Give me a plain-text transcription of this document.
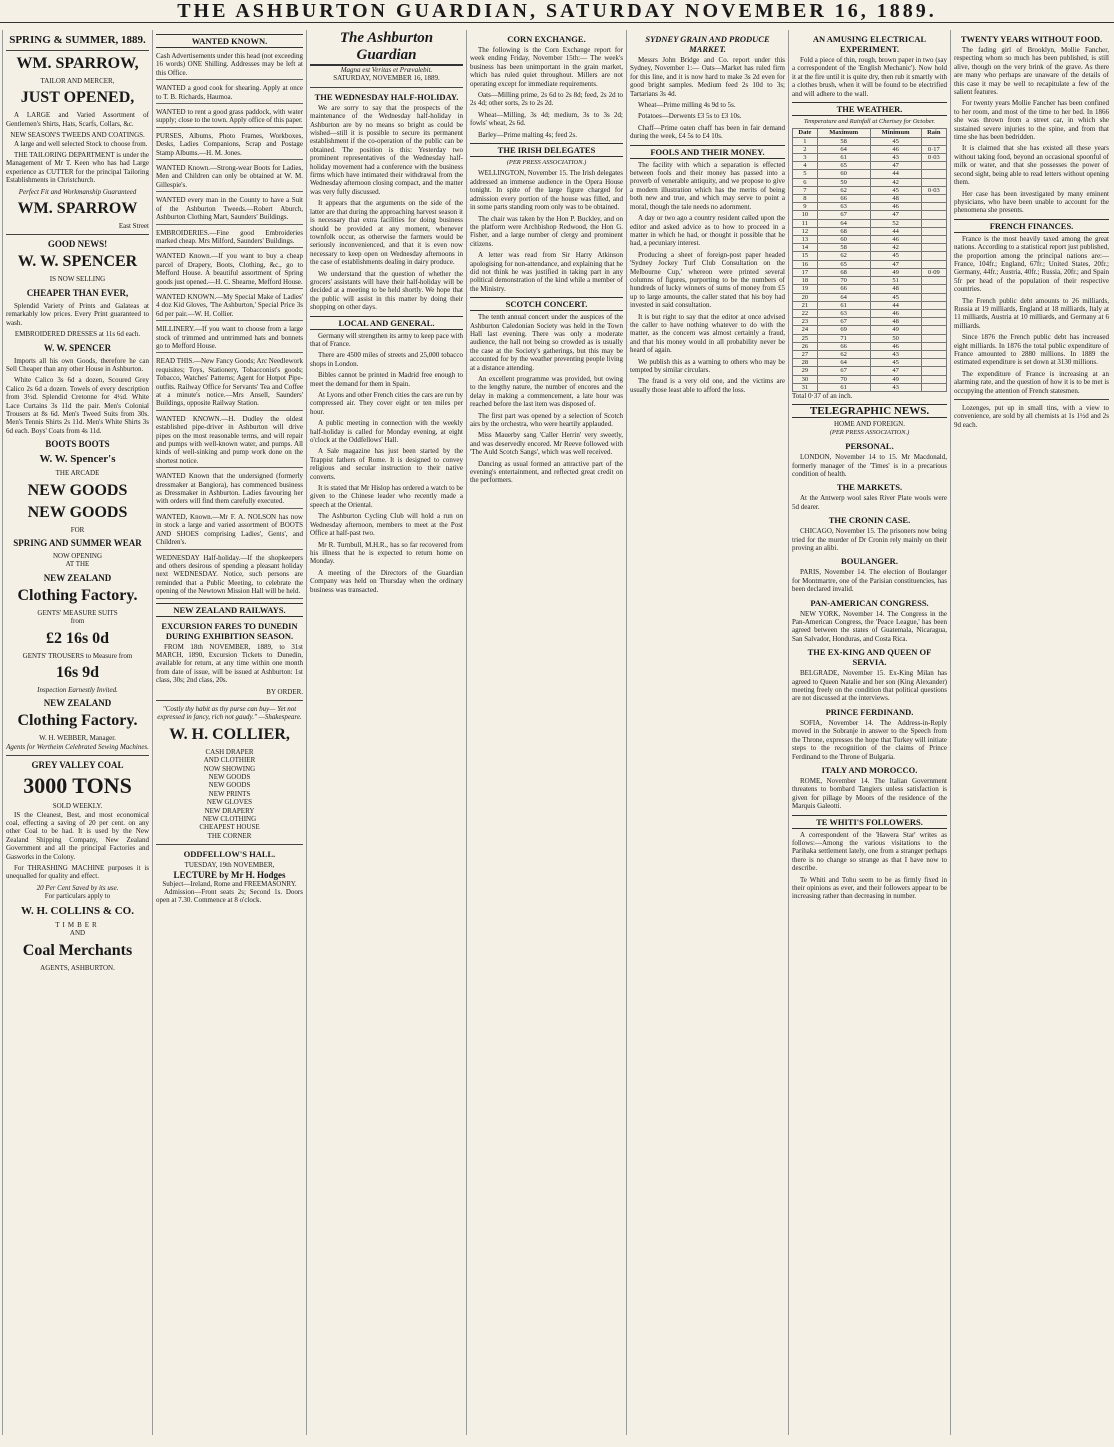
THE ASHBURTON GUARDIAN, SATURDAY NOVEMBER 16, 1889.
SPRING & SUMMER, 1889.
WM. SPARROW,
TAILOR AND MERCER,
JUST OPENED,

A LARGE and Varied Assortment of Gentlemen's Shirts, Hats, Scarfs, Collars, &c.

NEW SEASON'S TWEEDS AND COATINGS.

A large and well selected Stock to choose from.

THE TAILORING DEPARTMENT is under the Management of Mr T. Keen who has had Large experience as CUTTER for the principal Tailoring Establishments in Christchurch.

Perfect Fit and Workmanship Guaranteed
WM. SPARROW
East Street
GOOD NEWS!
W. W. SPENCER
IS NOW SELLING
CHEAPER THAN EVER,

Splendid Variety of Prints and Galateas at remarkably low prices. Every Print guaranteed to wash.

EMBROIDERED DRESSES at 11s 6d each.
W. W. SPENCER

Imports all his own Goods, therefore he can Sell Cheaper than any other House in Ashburton.

White Calico 3s 6d a dozen, Scoured Grey Calico 2s 6d a dozen. Towels of every description from 3½d. Splendid Cretonne for 4½d. White Lace Curtains 3s 11d the pair. Men's Colonial Trousers at 8s 6d. Men's Tweed Suits from 30s. Men's Tennis Shirts 2s 11d. Men's White Shirts 3s 6d each. Boys' Coats from 4s 11d.

BOOTS BOOTS
W. W. Spencer's
THE ARCADE
NEW GOODS
NEW GOODS
FOR
SPRING AND SUMMER WEAR
NOW OPENING
AT THE
NEW ZEALAND
Clothing Factory.
GENTS' MEASURE SUITS
from
£2 16s 0d
GENTS' TROUSERS to Measure from
16s 9d
Inspection Earnestly Invited.
NEW ZEALAND
Clothing Factory.
W. H. WEBBER, Manager.
Agents for Wertheim Celebrated Sewing Machines.
GREY VALLEY COAL
3000 TONS
SOLD WEEKLY.

IS the Cleanest, Best, and most economical coal, effecting a saving of 20 per cent. on any other Coal to be had. It is used by the New Zealand Shipping Company, New Zealand Government and all the principal Factories and Gasworks in the Colony.

For THRASHING MACHINE purposes it is unequalled for quality and effect.

20 Per Cent Saved by its use.
For particulars apply to
W. H. COLLINS & CO.
TIMBER
AND
Coal Merchants
AGENTS, ASHBURTON.
WANTED KNOWN.
Cash Advertisements under this head (not exceeding 16 words) ONE Shilling. Addresses may be left at this Office.
WANTED a good cook for shearing. Apply at once to T. B. Richards, Haumoa.
WANTED to rent a good grass paddock, with water supply; close to the town. Apply office of this paper.
PURSES, Albums, Photo Frames, Workboxes, Desks, Ladies Companions, Scrap and Postage Stamp Albums.—H. M. Jones.
WANTED Known.—Strong-wear Boots for Ladies, Men and Children can only be obtained at W. M. Gillespie's.
WANTED every man in the County to have a Suit of the Ashburton Tweeds.—Robert Aburch, Ashburton Clothing Mart, Saunders' Buildings.
EMBROIDERIES.—Fine good Embroideries marked cheap. Mrs Milford, Saunders' Buildings.
WANTED Known.—If you want to buy a cheap parcel of Drapery, Boots, Clothing, &c., go to Mefford House. A beautiful assortment of Spring goods just opened.—H. C. Shearne, Mefford House.
WANTED KNOWN.—My Special Make of Ladies' 4 doz Kid Gloves, 'The Ashburton,' Special Price 3s 6d per pair.—W. H. Collier.
MILLINERY.—If you want to choose from a large stock of trimmed and untrimmed hats and bonnets go to Mefford House.
READ THIS.—New Fancy Goods; Arc Needlework requisites; Toys, Stationery, Tobacconist's goods; Tobacco, Watches' Patterns; Agent for Hotpot Pipe-outfits. Railway Office for Servants' Tea and Coffee at a minute's notice.—Mrs Ansell, Saunders' Buildings, opposite Railway Station.
WANTED KNOWN.—H. Dudley the oldest established pipe-driver in Ashburton will drive pipes on the most reasonable terms, and will repair and pumps with well-known water, and pumps. All kinds of well-sinking and pump work done on the shortest notice.
WANTED Known that the undersigned (formerly dressmaker at Bangiora), has commenced business as Dressmaker in Ashburton. Ladies favouring her with orders will find them carefully executed.
WANTED, Known.—Mr F. A. NOLSON has now in stock a large and varied assortment of BOOTS AND SHOES comprising Ladies', Gents', and Children's.
WEDNESDAY Half-holiday.—If the shopkeepers and others desirous of spending a pleasant holiday next WEDNESDAY. Notice, such persons are reminded that a Public Meeting, to celebrate the opening of the Newtown Mission Hall will be held.
NEW ZEALAND RAILWAYS.
EXCURSION FARES TO DUNEDIN DURING EXHIBITION SEASON.

FROM 18th NOVEMBER, 1889, to 31st MARCH, 1890, Excursion Tickets to Dunedin, available for return, at any time within one month from date of issue, will be issued at Ashburton: 1st class, 30s; 2nd class, 20s.

BY ORDER.
"Costly thy habit as thy purse can buy— Yet not expressed in fancy, rich not gaudy." —Shakespeare.
W. H. COLLIER,
CASH DRAPER
AND CLOTHIER
NOW SHOWING
NEW GOODS
NEW GOODS
NEW PRINTS
NEW GLOVES
NEW DRAPERY
NEW CLOTHING
CHEAPEST HOUSE
THE CORNER
ODDFELLOW'S HALL.
TUESDAY, 19th NOVEMBER,
LECTURE by Mr H. Hodges
Subject—Ireland, Rome and FREEMASONRY.

Admission—Front seats 2s; Second 1s. Doors open at 7.30. Commence at 8 o'clock.

The Ashburton Guardian
Magna est Veritas et Prævalebit.
SATURDAY, NOVEMBER 16, 1889.
THE WEDNESDAY HALF-HOLIDAY.

We are sorry to say that the prospects of the maintenance of the Wednesday half-holiday in Ashburton are by no means so bright as could be wished—still it is possible to secure its permanent establishment if the co-operation of the public can be obtained. The position is this: Yesterday two prominent representatives of the Wednesday half-holiday movement had a conference with the business firms which have intimated their withdrawal from the Wednesday afternoon closing compact, and the matter was very fully discussed.

It appears that the arguments on the side of the latter are that during the approaching harvest season it is necessary that extra facilities for doing business should be provided at any moment, whenever townfolk occur, as otherwise the farmers would be seriously inconvenienced, and that it is even now necessary to keep open on Wednesday afternoons in the case of establishments dealing in dairy produce.

We understand that the question of whether the grocers' assistants will have their half-holiday will be decided at a meeting to be held shortly. We hope that the public will assist in this matter by doing their shopping on other days.

LOCAL AND GENERAL.

Germany will strengthen its army to keep pace with that of France.

There are 4500 miles of streets and 25,000 tobacco shops in London.

Bibles cannot be printed in Madrid free enough to meet the demand for them in Spain.

At Lyons and other French cities the cars are run by compressed air. They cover eight or ten miles per hour.

A public meeting in connection with the weekly half-holiday is called for Monday evening, at eight o'clock at the Oddfellows' Hall.

A Sale magazine has just been started by the Trappist fathers of Rome. It is designed to convey religious and secular instruction to their native converts.

It is stated that Mr Hislop has ordered a watch to be given to the Chinese leader who recently made a speech at the Oriental.

The Ashburton Cycling Club will hold a run on Wednesday afternoon, members to meet at the Post Office at half-past two.

Mr R. Turnbull, M.H.R., has so far recovered from his illness that he is expected to return home on Monday.

A meeting of the Directors of the Guardian Company was held on Thursday when the ordinary business was transacted.

CORN EXCHANGE.

The following is the Corn Exchange report for week ending Friday, November 15th:— The week's business has been unimportant in the grain market, which has ruled quiet throughout. Millers are not operating except for immediate requirements.

Oats—Milling prime, 2s 6d to 2s 8d; feed, 2s 2d to 2s 4d; other sorts, 2s to 2s 2d.

Wheat—Milling, 3s 4d; medium, 3s to 3s 2d; fowls' wheat, 2s 6d.

Barley—Prime malting 4s; feed 2s.

THE IRISH DELEGATES
(PER PRESS ASSOCIATION.)

WELLINGTON, November 15. The Irish delegates addressed an immense audience in the Opera House tonight. In spite of the large figure charged for admission every portion of the house was filled, and in some parts standing room only was to be obtained.

The chair was taken by the Hon P. Buckley, and on the platform were Archbishop Redwood, the Hon G. Fisher, and a large number of clergy and prominent citizens.

A letter was read from Sir Harry Atkinson apologising for non-attendance, and explaining that he did not think he was justified in taking part in any political demonstration of the kind while a member of the Ministry.

SCOTCH CONCERT.

The tenth annual concert under the auspices of the Ashburton Caledonian Society was held in the Town Hall last evening. There was only a moderate audience, the hall not being so crowded as is usually the case at the Society's gatherings, but this may be accounted for by the weather preventing people living at a distance attending.

An excellent programme was provided, but owing to the lengthy nature, the number of encores and the delay in making a commencement, a late hour was reached before the last item was disposed of.

The first part was opened by a selection of Scotch airs by the orchestra, who were heartily applauded.

Miss Mauerby sang 'Caller Herrin' very sweetly, and was deservedly encored. Mr Reeve followed with 'The Auld Scotch Sangs', which was well received.

Dancing as usual formed an attractive part of the evening's entertainment, and reflected great credit on the performers.

SYDNEY GRAIN AND PRODUCE MARKET.

Messrs John Bridge and Co. report under this Sydney, November 1:— Oats—Market has ruled firm for this line, and it is now hard to make 3s 2d even for good bright samples. Medium feed 2s 10d to 3s; Tartarians 3s 4d.

Wheat—Prime milling 4s 9d to 5s.

Potatoes—Derwents £3 5s to £3 10s.

Chaff—Prime oaten chaff has been in fair demand during the week, £4 5s to £4 10s.

FOOLS AND THEIR MONEY.

The facility with which a separation is effected between fools and their money has passed into a proverb of venerable antiquity, and we propose to give a modern illustration which has the merits of being both new and true, and which may serve to point a moral, though the tale needs no adornment.

A day or two ago a country resident called upon the editor and asked advice as to how to proceed in a matter in which he had, or thought it possible that he had, a pecuniary interest.

Producing a sheet of foreign-post paper headed 'Sydney Jockey Turf Club Consultation on the Melbourne Cup,' whereon were printed several columns of figures, purporting to be the numbers of hundreds of lucky winners of sums of money from £5 up to large amounts, the caller stated that his boy had invested in said consultation.

It is but right to say that the editor at once advised the caller to have nothing whatever to do with the matter, as the concern was almost certainly a fraud, and that his money would in all probability never be heard of again.

We publish this as a warning to others who may be tempted by similar circulars.

The fraud is a very old one, and the victims are usually those least able to afford the loss.

AN AMUSING ELECTRICAL EXPERIMENT.

Fold a piece of thin, rough, brown paper in two (say a correspondent of the 'English Mechanic'). Now hold it at the fire until it is quite dry, then rub it smartly with a clothes brush, when it will be found to be electrified and will adhere to the wall.

THE WEATHER.
Temperature and Rainfall at Chertsey for October.
Date	Maximum	Minimum	Rain
1	58	45	
2	64	46	0·17
3	61	43	0·03
4	65	47	
5	60	44	
6	59	42	
7	62	45	0·03
8	66	48	
9	63	46	
10	67	47	
11	64	52	
12	68	44	
13	60	46	
14	58	42	
15	62	45	
16	65	47	
17	68	49	0·09
18	70	51	
19	66	48	
20	64	45	
21	61	44	
22	63	46	
23	67	48	
24	69	49	
25	71	50	
26	66	46	
27	62	43	
28	64	45	
29	67	47	
30	70	49	
31	61	43	
Total 0·37 of an inch.
TELEGRAPHIC NEWS.
HOME AND FOREIGN.
(PER PRESS ASSOCIATION.)
PERSONAL.

LONDON, November 14 to 15. Mr Macdonald, formerly manager of the 'Times' is in a precarious condition of health.

THE MARKETS.

At the Antwerp wool sales River Plate wools were 5d dearer.

THE CRONIN CASE.

CHICAGO, November 15. The prisoners now being tried for the murder of Dr Cronin rely mainly on their proving an alibi.

BOULANGER.

PARIS, November 14. The election of Boulanger for Montmartre, one of the Parisian constituencies, has been declared invalid.

PAN-AMERICAN CONGRESS.

NEW YORK, November 14. The Congress in the Pan-American Congress, the 'Peace League,' has been agreed between the states of Guatemala, Nicaragua, San Salvador, Honduras, and Costa Rica.

THE EX-KING AND QUEEN OF SERVIA.

BELGRADE, November 15. Ex-King Milan has agreed to Queen Natalie and her son (King Alexander) meeting freely on the condition that political questions are not discussed at the interviews.

PRINCE FERDINAND.

SOFIA, November 14. The Address-in-Reply moved in the Sobranje in answer to the Speech from the Throne, expresses the hope that Turkey will initiate steps to the recognition of the claims of Prince Ferdinand to the Throne of Bulgaria.

ITALY AND MOROCCO.

ROME, November 14. The Italian Government threatens to bombard Tangiers unless satisfaction is given for pillage by Moors of the residence of the Marquis Galeotti.

TE WHITI'S FOLLOWERS.

A correspondent of the 'Hawera Star' writes as follows:—Among the various visitations to the Parihaka settlement lately, one from a stranger perhaps there is no change so strange as that I have now to describe.

Te Whiti and Tohu seem to be as firmly fixed in their opinions as ever, and their followers appear to be increasing rather than decreasing in number.

TWENTY YEARS WITHOUT FOOD.

The fading girl of Brooklyn, Mollie Fancher, respecting whom so much has been published, is still alive, though on the very brink of the grave. As there are many who perhaps are unaware of the details of this case it may be well to recapitulate a few of the salient features.

For twenty years Mollie Fancher has been confined to her room, and most of the time to her bed. In 1866 she was thrown from a street car, in which she sustained severe injuries to the spine, and from that time she has been bedridden.

It is claimed that she has existed all these years without taking food, beyond an occasional spoonful of milk or water, and that she possesses the power of second sight, being able to read letters without opening them.

Her case has been investigated by many eminent physicians, who have been unable to account for the phenomena she presents.

FRENCH FINANCES.

France is the most heavily taxed among the great nations. According to a statistical report just published, the proportion among the principal nations are:—France, 104fr.; England, 67fr.; United States, 20fr.; Germany, 44fr.; Austria, 40fr.; Russia, 20fr.; and Spain 5fr per head of the population of their respective countries.

The French public debt amounts to 26 milliards, Russia at 19 milliards, England at 18 milliards, Italy at 11 milliards, Austria at 10 milliards, and Germany at 6 milliards.

Since 1876 the French public debt has increased eight milliards. In 1876 the total public expenditure of France amounted to 2880 millions. In 1889 the estimated expenditure is set down at 3130 millions.

The expenditure of France is increasing at an alarming rate, and the question of how it is to be met is occupying the attention of French statesmen.

Lozenges, put up in small tins, with a view to convenience, are sold by all chemists at 1s 1½d and 2s 9d each.
